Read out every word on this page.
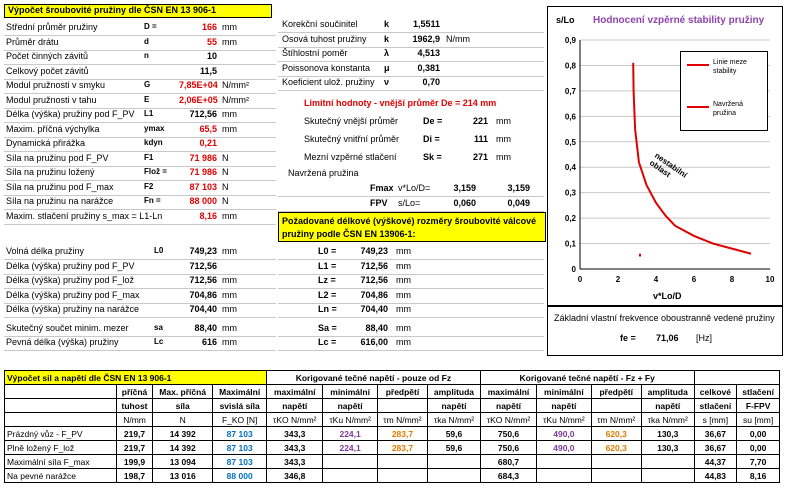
Výpočet šroubovité pružiny dle ČSN EN 13 906-1
Střední průměr pružiny	D =	166 mm
Průměr drátu	d	55 mm
Počet činných závitů	n	10
Celkový počet závitů	11,5
Modul pružnosti v smyku	G	7,85E+04 N/mm²
Modul pružnosti v tahu	E	2,06E+05 N/mm²
Délka (výška) pružiny pod F_PV L1	712,56 mm
Maxim. příčná výchylka	ymax	65,5 mm
Dynamická přirážka	kdyn	0,21
Síla na pružinu pod F_PV	F1	71 986 N
Síla na pružinu ložený	Flož =	71 986 N
Síla na pružinu pod F_max	F2	87 103 N
Síla na pružinu na narážce	Fn =	88 000 N
Maxim. stlačení pružiny s_max = L1-Ln	8,16 mm
Volná délka pružiny	L0	749,23 mm
Délka (výška) pružiny pod F_PV	712,56
Délka (výška) pružiny pod F_lož	712,56 mm
Délka (výška) pružiny pod F_max	704,86 mm
Délka (výška) pružiny na narážce	704,40 mm
Skutečný součet minim. mezer	sa	88,40 mm
Pevná délka (výška) pružiny	Lc	616 mm
Korekční součinitel	k	1,5511
Osová tuhost pružiny k	1962,9 N/mm
Štíhlostní poměr	λ	4,513
Poissonova konstanta μ	0,381
Koeficient ulož. pružiny ν	0,70
Skutečný vnější průměr	De =	221 mm
Skutečný vnitřní průměr	Di =	111 mm
Mezní vzpěrné stlačení	Sk =	271 mm
Fmax v*Lo/D=	3,159	3,159
FPV s/Lo=	0,060	0,049
L0 =	749,23 mm
L1 =	712,56 mm
Lz =	712,56 mm
L2 =	704,86 mm
Ln =	704,40 mm
Sa =	88,40 mm
Lc =	616,00 mm
Limitní hodnoty - vnější průměr De = 214 mm
Navržená pružina
Požadované délkové (výškové) rozměry šroubovité válcové pružiny podle ČSN EN 13906-1:
Hodnocení vzpěrné stability pružiny
s/Lo
v*Lo/D
0
0,1
0,2
0,3
0,4
0,5
0,6
0,7
0,8
0,9
0	2	4	6	8	10
Linie meze stability
Navržená pružina
nestabilní oblast
Základní vlastní frekvence oboustranně vedené pružiny
fe = 71,06 [Hz]
Výpočet sil a napětí dle ČSN EN 13 906-1				Korigované tečné napětí - pouze od Fz				Korigované tečné napětí - Fz + Fy					
	příčná	Max. příčná	Maximální	maximální	minimální	předpětí	amplituda	maximální	minimální	předpětí	amplituda	celkové	stlačení
	tuhost	síla	svislá síla	napětí	napětí		napětí	napětí	napětí		napětí	stlačení	F-FPV
	N/mm	N	F_KO [N]	τKO N/mm²	τKu N/mm²	τm N/mm²	τka N/mm²	τKO N/mm²	τKu N/mm²	τm N/mm²	τka N/mm²	s [mm]	su [mm]
Prázdný vůz - F_PV	219,7	14 392	87 103	343,3	224,1	283,7	59,6	750,6	490,0	620,3	130,3	36,67	0,00
Plně ložený F_lož	219,7	14 392	87 103	343,3	224,1	283,7	59,6	750,6	490,0	620,3	130,3	36,67	0,00
Maximální síla F_max	199,9	13 094	87 103	343,3				680,7				44,37	7,70
Na pevné narážce	198,7	13 016	88 000	346,8				684,3				44,83	8,16
